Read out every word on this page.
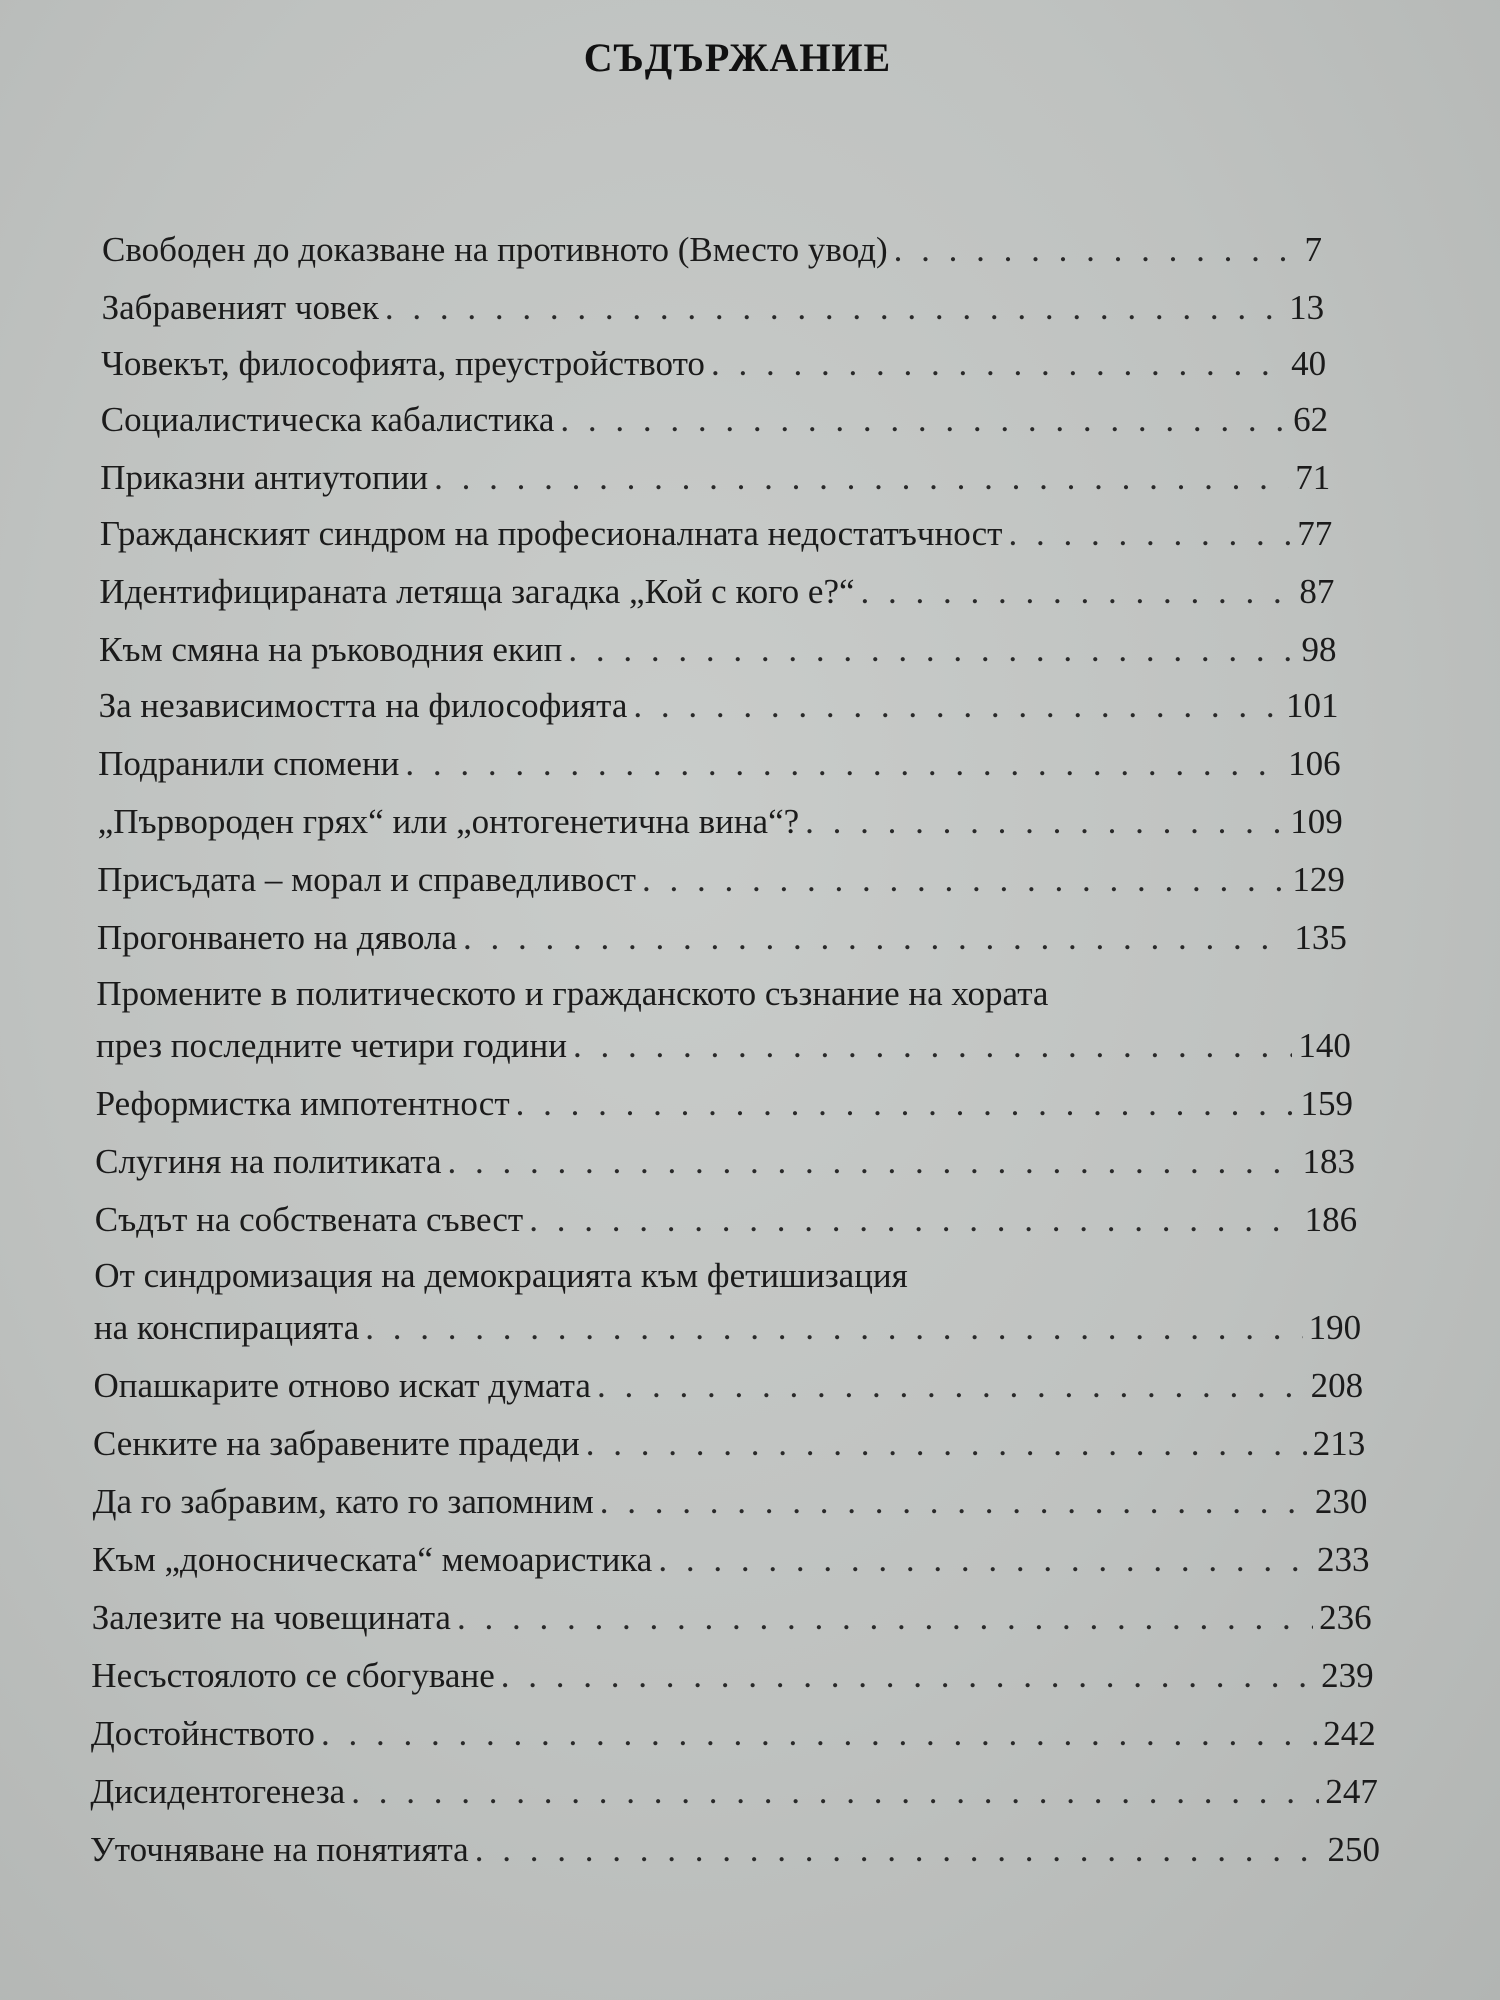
СЪДЪРЖАНИЕ
Свободен до доказване на противното (Вместо увод) . . .	7
Забравеният човек . . .	13
Човекът, философията, преустройството . . .	40
Социалистическа кабалистика . . .	62
Приказни антиутопии . . .	71
Гражданският синдром на професионалната недостатъчност . . .	77
Идентифицираната летяща загадка „Кой с кого е?“ . . .	87
Към смяна на ръководния екип . . .	98
За независимостта на философията . . .	101
Подранили спомени . . .	106
„Първороден грях“ или „онтогенетична вина“? . . .	109
Присъдата – морал и справедливост . . .	129
Прогонването на дявола . . .	135
Промените в политическото и гражданското съзнание на хората
през последните четири години . . .	140
Реформистка импотентност . . .	159
Слугиня на политиката . . .	183
Съдът на собствената съвест . . .	186
От синдромизация на демокрацията към фетишизация
на конспирацията . . .	190
Опашкарите отново искат думата . . .	208
Сенките на забравените прадеди . . .	213
Да го забравим, като го запомним . . .	230
Към „доносническата“ мемоаристика . . .	233
Залезите на човещината . . .	236
Несъстоялото се сбогуване . . .	239
Достойнството . . .	242
Дисидентогенеза . . .	247
Уточняване на понятията . . .	250
